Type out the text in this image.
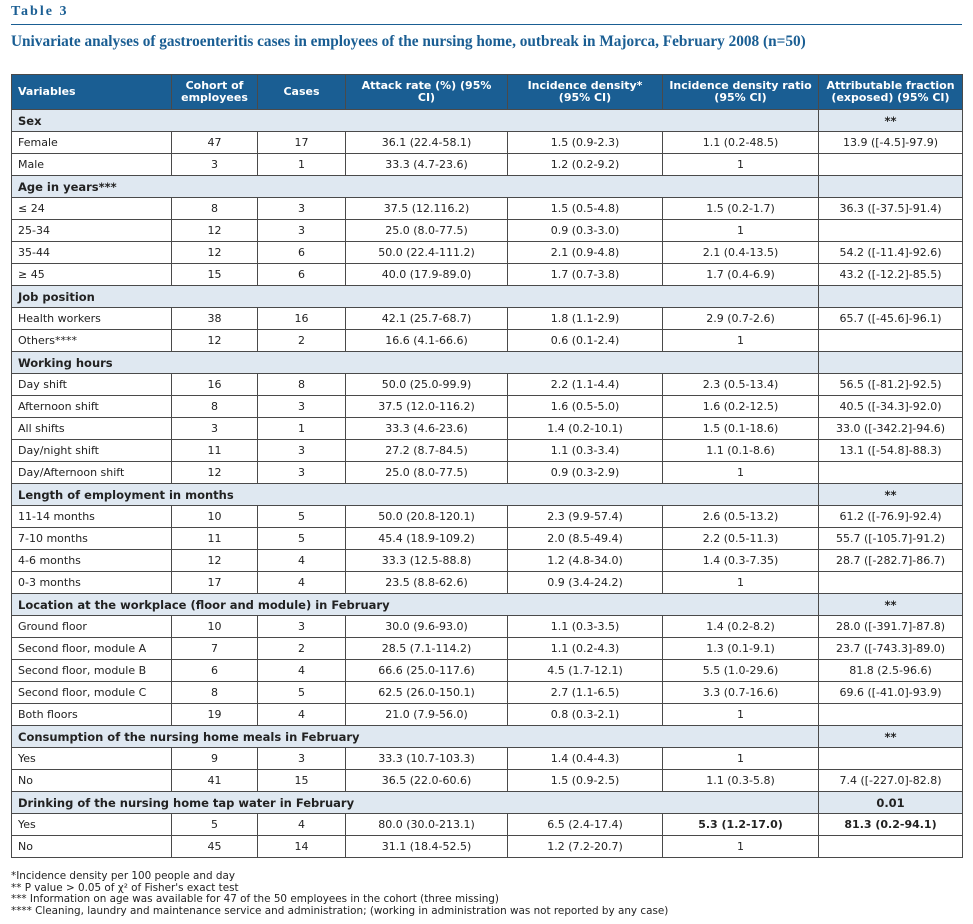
Table 3
Univariate analyses of gastroenteritis cases in employees of the nursing home, outbreak in Majorca, February 2008 (n=50)
Variables	Cohort of employees	Cases	Attack rate (%) (95% CI)	Incidence density* (95% CI)	Incidence density ratio (95% CI)	Attributable fraction (exposed) (95% CI)
Sex						**
Female	47	17	36.1 (22.4-58.1)	1.5 (0.9-2.3)	1.1 (0.2-48.5)	13.9 ([-4.5]-97.9)
Male	3	1	33.3 (4.7-23.6)	1.2 (0.2-9.2)	1	
Age in years***						
≤ 24	8	3	37.5 (12.116.2)	1.5 (0.5-4.8)	1.5 (0.2-1.7)	36.3 ([-37.5]-91.4)
25-34	12	3	25.0 (8.0-77.5)	0.9 (0.3-3.0)	1	
35-44	12	6	50.0 (22.4-111.2)	2.1 (0.9-4.8)	2.1 (0.4-13.5)	54.2 ([-11.4]-92.6)
≥ 45	15	6	40.0 (17.9-89.0)	1.7 (0.7-3.8)	1.7 (0.4-6.9)	43.2 ([-12.2]-85.5)
Job position						
Health workers	38	16	42.1 (25.7-68.7)	1.8 (1.1-2.9)	2.9 (0.7-2.6)	65.7 ([-45.6]-96.1)
Others****	12	2	16.6 (4.1-66.6)	0.6 (0.1-2.4)	1	
Working hours						
Day shift	16	8	50.0 (25.0-99.9)	2.2 (1.1-4.4)	2.3 (0.5-13.4)	56.5 ([-81.2]-92.5)
Afternoon shift	8	3	37.5 (12.0-116.2)	1.6 (0.5-5.0)	1.6 (0.2-12.5)	40.5 ([-34.3]-92.0)
All shifts	3	1	33.3 (4.6-23.6)	1.4 (0.2-10.1)	1.5 (0.1-18.6)	33.0 ([-342.2]-94.6)
Day/night shift	11	3	27.2 (8.7-84.5)	1.1 (0.3-3.4)	1.1 (0.1-8.6)	13.1 ([-54.8]-88.3)
Day/Afternoon shift	12	3	25.0 (8.0-77.5)	0.9 (0.3-2.9)	1	
Length of employment in months						**
11-14 months	10	5	50.0 (20.8-120.1)	2.3 (9.9-57.4)	2.6 (0.5-13.2)	61.2 ([-76.9]-92.4)
7-10 months	11	5	45.4 (18.9-109.2)	2.0 (8.5-49.4)	2.2 (0.5-11.3)	55.7 ([-105.7]-91.2)
4-6 months	12	4	33.3 (12.5-88.8)	1.2 (4.8-34.0)	1.4 (0.3-7.35)	28.7 ([-282.7]-86.7)
0-3 months	17	4	23.5 (8.8-62.6)	0.9 (3.4-24.2)	1	
Location at the workplace (floor and module) in February						**
Ground floor	10	3	30.0 (9.6-93.0)	1.1 (0.3-3.5)	1.4 (0.2-8.2)	28.0 ([-391.7]-87.8)
Second floor, module A	7	2	28.5 (7.1-114.2)	1.1 (0.2-4.3)	1.3 (0.1-9.1)	23.7 ([-743.3]-89.0)
Second floor, module B	6	4	66.6 (25.0-117.6)	4.5 (1.7-12.1)	5.5 (1.0-29.6)	81.8 (2.5-96.6)
Second floor, module C	8	5	62.5 (26.0-150.1)	2.7 (1.1-6.5)	3.3 (0.7-16.6)	69.6 ([-41.0]-93.9)
Both floors	19	4	21.0 (7.9-56.0)	0.8 (0.3-2.1)	1	
Consumption of the nursing home meals in February						**
Yes	9	3	33.3 (10.7-103.3)	1.4 (0.4-4.3)	1	
No	41	15	36.5 (22.0-60.6)	1.5 (0.9-2.5)	1.1 (0.3-5.8)	7.4 ([-227.0]-82.8)
Drinking of the nursing home tap water in February						0.01
Yes	5	4	80.0 (30.0-213.1)	6.5 (2.4-17.4)	5.3 (1.2-17.0)	81.3 (0.2-94.1)
No	45	14	31.1 (18.4-52.5)	1.2 (7.2-20.7)	1	
*Incidence density per 100 people and day
** P value > 0.05 of χ² of Fisher's exact test
*** Information on age was available for 47 of the 50 employees in the cohort (three missing)
**** Cleaning, laundry and maintenance service and administration; (working in administration was not reported by any case)
